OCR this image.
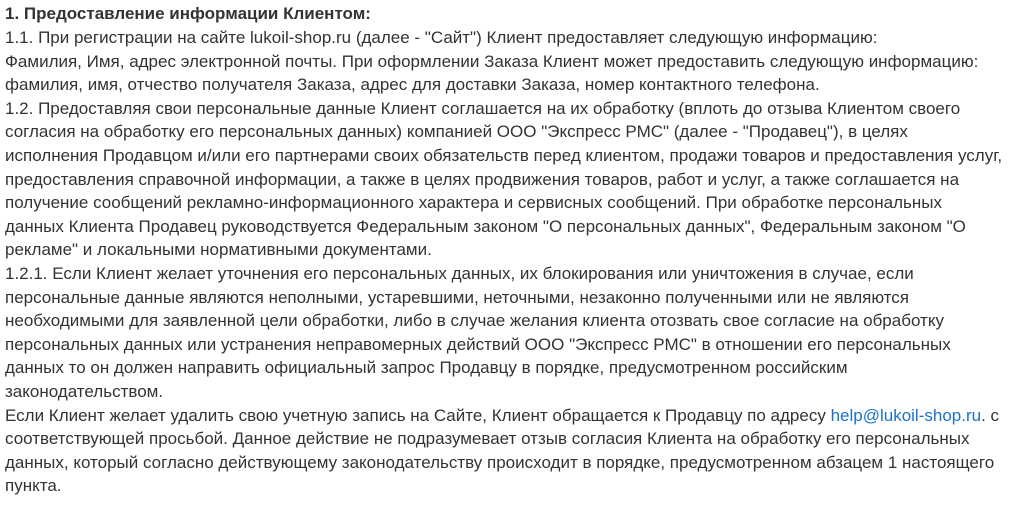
1. Предоставление информации Клиентом:

1.1. При регистрации на сайте lukoil-shop.ru (далее - "Сайт") Клиент предоставляет следующую информацию:

Фамилия, Имя, адрес электронной почты. При оформлении Заказа Клиент может предоставить следующую информацию:

фамилия, имя, отчество получателя Заказа, адрес для доставки Заказа, номер контактного телефона.

1.2. Предоставляя свои персональные данные Клиент соглашается на их обработку (вплоть до отзыва Клиентом своего

согласия на обработку его персональных данных) компанией ООО "Экспресс РМС" (далее - "Продавец"), в целях

исполнения Продавцом и/или его партнерами своих обязательств перед клиентом, продажи товаров и предоставления услуг,

предоставления справочной информации, а также в целях продвижения товаров, работ и услуг, а также соглашается на

получение сообщений рекламно-информационного характера и сервисных сообщений. При обработке персональных

данных Клиента Продавец руководствуется Федеральным законом "О персональных данных", Федеральным законом "О

рекламе" и локальными нормативными документами.

1.2.1. Если Клиент желает уточнения его персональных данных, их блокирования или уничтожения в случае, если

персональные данные являются неполными, устаревшими, неточными, незаконно полученными или не являются

необходимыми для заявленной цели обработки, либо в случае желания клиента отозвать свое согласие на обработку

персональных данных или устранения неправомерных действий ООО "Экспресс РМС" в отношении его персональных

данных то он должен направить официальный запрос Продавцу в порядке, предусмотренном российским

законодательством.

Если Клиент желает удалить свою учетную запись на Сайте, Клиент обращается к Продавцу по адресу help@lukoil-shop.ru. с

соответствующей просьбой. Данное действие не подразумевает отзыв согласия Клиента на обработку его персональных

данных, который согласно действующему законодательству происходит в порядке, предусмотренном абзацем 1 настоящего

пункта.
